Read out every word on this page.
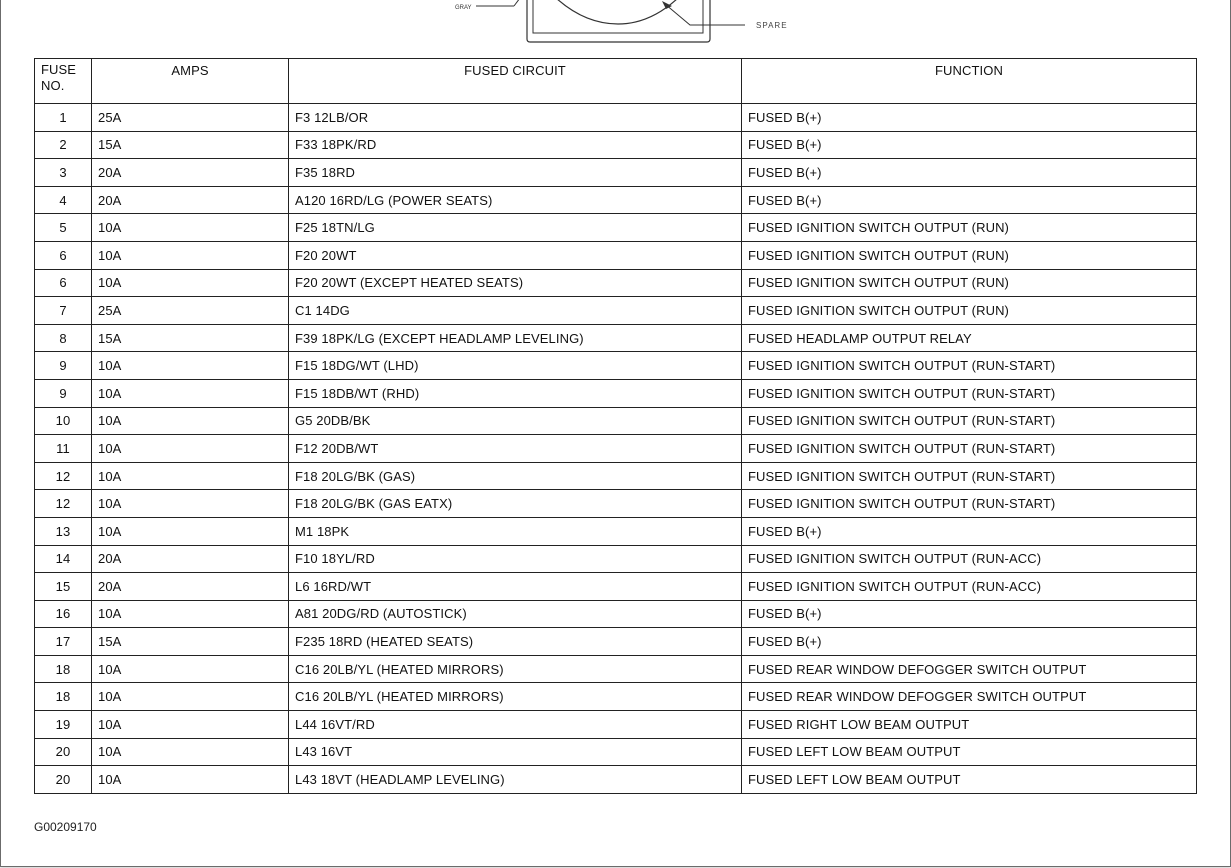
GRAY
SPARE
FUSE
NO.	AMPS	FUSED CIRCUIT	FUNCTION
1	25A	F3 12LB/OR	FUSED B(+)
2	15A	F33 18PK/RD	FUSED B(+)
3	20A	F35 18RD	FUSED B(+)
4	20A	A120 16RD/LG (POWER SEATS)	FUSED B(+)
5	10A	F25 18TN/LG	FUSED IGNITION SWITCH OUTPUT (RUN)
6	10A	F20 20WT	FUSED IGNITION SWITCH OUTPUT (RUN)
6	10A	F20 20WT (EXCEPT HEATED SEATS)	FUSED IGNITION SWITCH OUTPUT (RUN)
7	25A	C1 14DG	FUSED IGNITION SWITCH OUTPUT (RUN)
8	15A	F39 18PK/LG (EXCEPT HEADLAMP LEVELING)	FUSED HEADLAMP OUTPUT RELAY
9	10A	F15 18DG/WT (LHD)	FUSED IGNITION SWITCH OUTPUT (RUN-START)
9	10A	F15 18DB/WT (RHD)	FUSED IGNITION SWITCH OUTPUT (RUN-START)
10	10A	G5 20DB/BK	FUSED IGNITION SWITCH OUTPUT (RUN-START)
11	10A	F12 20DB/WT	FUSED IGNITION SWITCH OUTPUT (RUN-START)
12	10A	F18 20LG/BK (GAS)	FUSED IGNITION SWITCH OUTPUT (RUN-START)
12	10A	F18 20LG/BK (GAS EATX)	FUSED IGNITION SWITCH OUTPUT (RUN-START)
13	10A	M1 18PK	FUSED B(+)
14	20A	F10 18YL/RD	FUSED IGNITION SWITCH OUTPUT (RUN-ACC)
15	20A	L6 16RD/WT	FUSED IGNITION SWITCH OUTPUT (RUN-ACC)
16	10A	A81 20DG/RD (AUTOSTICK)	FUSED B(+)
17	15A	F235 18RD (HEATED SEATS)	FUSED B(+)
18	10A	C16 20LB/YL (HEATED MIRRORS)	FUSED REAR WINDOW DEFOGGER SWITCH OUTPUT
18	10A	C16 20LB/YL (HEATED MIRRORS)	FUSED REAR WINDOW DEFOGGER SWITCH OUTPUT
19	10A	L44 16VT/RD	FUSED RIGHT LOW BEAM OUTPUT
20	10A	L43 16VT	FUSED LEFT LOW BEAM OUTPUT
20	10A	L43 18VT (HEADLAMP LEVELING)	FUSED LEFT LOW BEAM OUTPUT
G00209170
